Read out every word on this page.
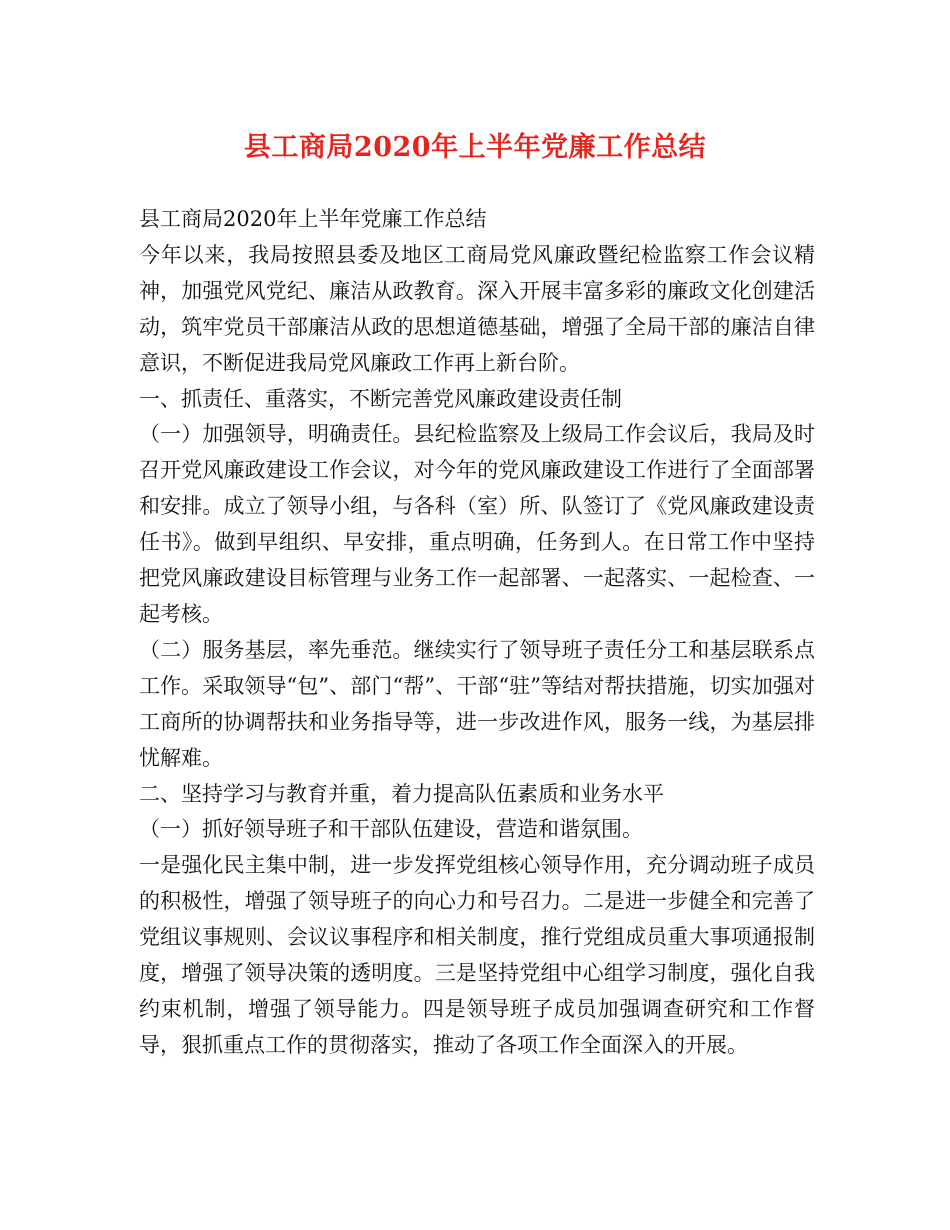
县工商局2020年上半年党廉工作总结

县工商局2020年上半年党廉工作总结

今年以来，我局按照县委及地区工商局党风廉政暨纪检监察工作会议精神，加强党风党纪、廉洁从政教育。深入开展丰富多彩的廉政文化创建活动，筑牢党员干部廉洁从政的思想道德基础，增强了全局干部的廉洁自律意识，不断促进我局党风廉政工作再上新台阶。

一、抓责任、重落实，不断完善党风廉政建设责任制

（一）加强领导，明确责任。县纪检监察及上级局工作会议后，我局及时召开党风廉政建设工作会议，对今年的党风廉政建设工作进行了全面部署和安排。成立了领导小组，与各科（室）所、队签订了《党风廉政建设责任书》。做到早组织、早安排，重点明确，任务到人。在日常工作中坚持把党风廉政建设目标管理与业务工作一起部署、一起落实、一起检查、一起考核。

（二）服务基层，率先垂范。继续实行了领导班子责任分工和基层联系点工作。采取领导“包”、部门“帮”、干部“驻”等结对帮扶措施，切实加强对工商所的协调帮扶和业务指导等，进一步改进作风，服务一线，为基层排忧解难。

二、坚持学习与教育并重，着力提高队伍素质和业务水平

（一）抓好领导班子和干部队伍建设，营造和谐氛围。

一是强化民主集中制，进一步发挥党组核心领导作用，充分调动班子成员的积极性，增强了领导班子的向心力和号召力。二是进一步健全和完善了党组议事规则、会议议事程序和相关制度，推行党组成员重大事项通报制度，增强了领导决策的透明度。三是坚持党组中心组学习制度，强化自我约束机制，增强了领导能力。四是领导班子成员加强调查研究和工作督导，狠抓重点工作的贯彻落实，推动了各项工作全面深入的开展。
